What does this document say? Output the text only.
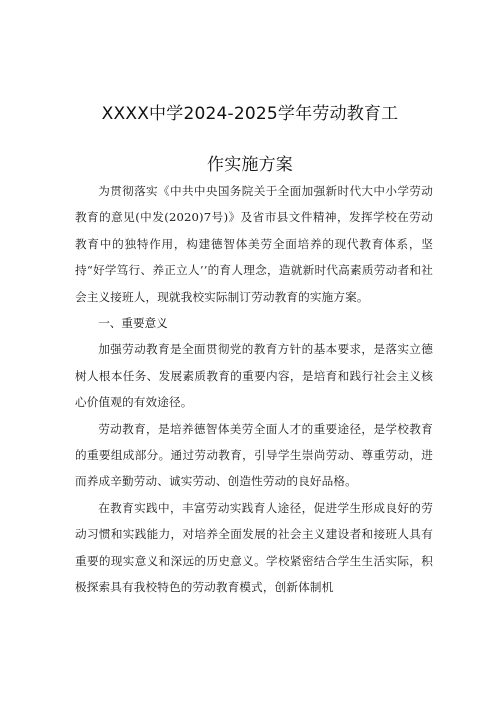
XXXX中学2024-2025学年劳动教育工
作实施方案

为贯彻落实《中共中央国务院关于全面加强新时代大中小学劳动教育的意见(中发(2020)7号)》及省市县文件精神，发挥学校在劳动教育中的独特作用，构建德智体美劳全面培养的现代教育体系，坚持“好学笃行、养正立人’’的育人理念，造就新时代高素质劳动者和社会主义接班人，现就我校实际制订劳动教育的实施方案。

一、重要意义

加强劳动教育是全面贯彻党的教育方针的基本要求，是落实立德树人根本任务、发展素质教育的重要内容，是培育和践行社会主义核心价值观的有效途径。

劳动教育，是培养德智体美劳全面人才的重要途径，是学校教育的重要组成部分。通过劳动教育，引导学生崇尚劳动、尊重劳动，进而养成辛勤劳动、诚实劳动、创造性劳动的良好品格。

在教育实践中，丰富劳动实践育人途径，促进学生形成良好的劳动习惯和实践能力，对培养全面发展的社会主义建设者和接班人具有重要的现实意义和深远的历史意义。学校紧密结合学生生活实际，积极探索具有我校特色的劳动教育模式，创新体制机
